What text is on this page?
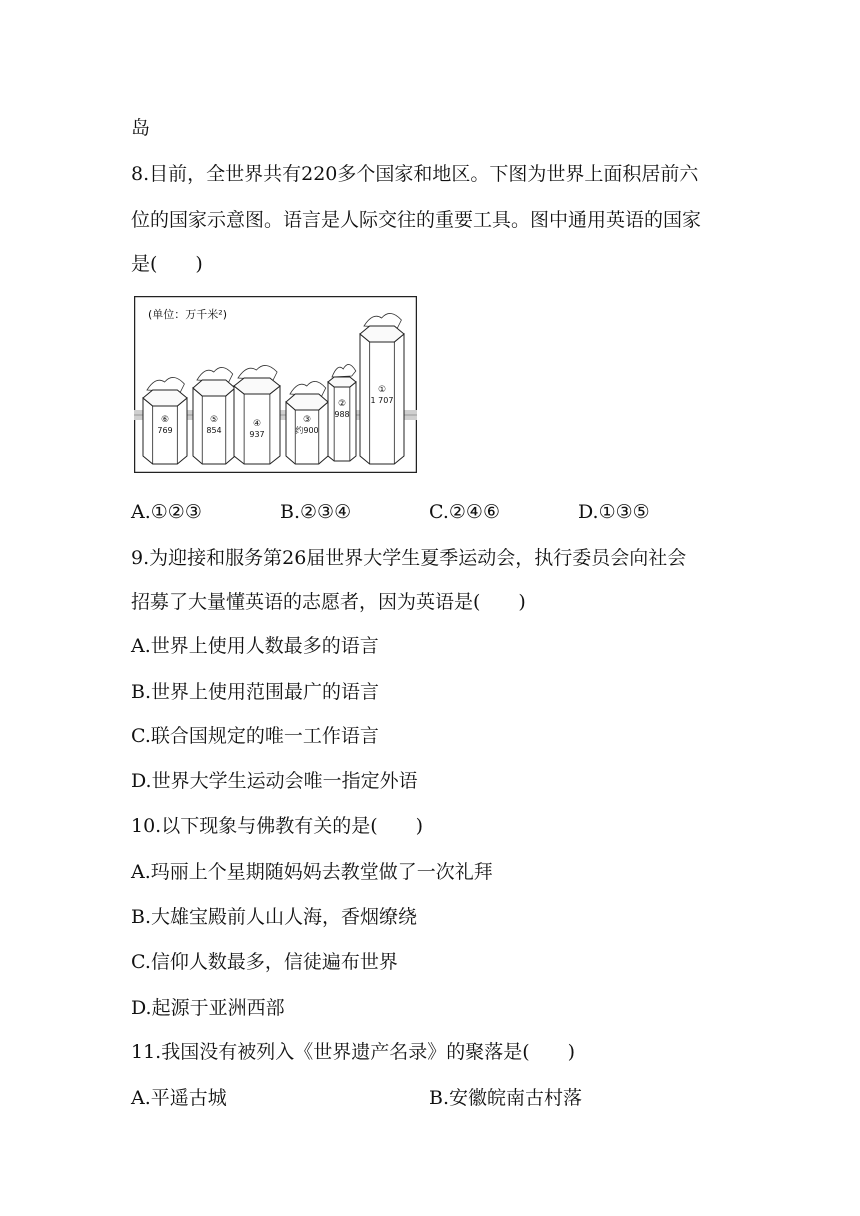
岛
8.目前，全世界共有220多个国家和地区。下图为世界上面积居前六
位的国家示意图。语言是人际交往的重要工具。图中通用英语的国家
是(　　)
(单位：万千米²)
⑥
769
⑤
854
④
937
③
约900
②
988
①
1 707
A.①②③	B.②③④	C.②④⑥	D.①③⑤
9.为迎接和服务第26届世界大学生夏季运动会，执行委员会向社会
招募了大量懂英语的志愿者，因为英语是(　　)
A.世界上使用人数最多的语言
B.世界上使用范围最广的语言
C.联合国规定的唯一工作语言
D.世界大学生运动会唯一指定外语
10.以下现象与佛教有关的是(　　)
A.玛丽上个星期随妈妈去教堂做了一次礼拜
B.大雄宝殿前人山人海，香烟缭绕
C.信仰人数最多，信徒遍布世界
D.起源于亚洲西部
11.我国没有被列入《世界遗产名录》的聚落是(　　)
A.平遥古城	B.安徽皖南古村落
